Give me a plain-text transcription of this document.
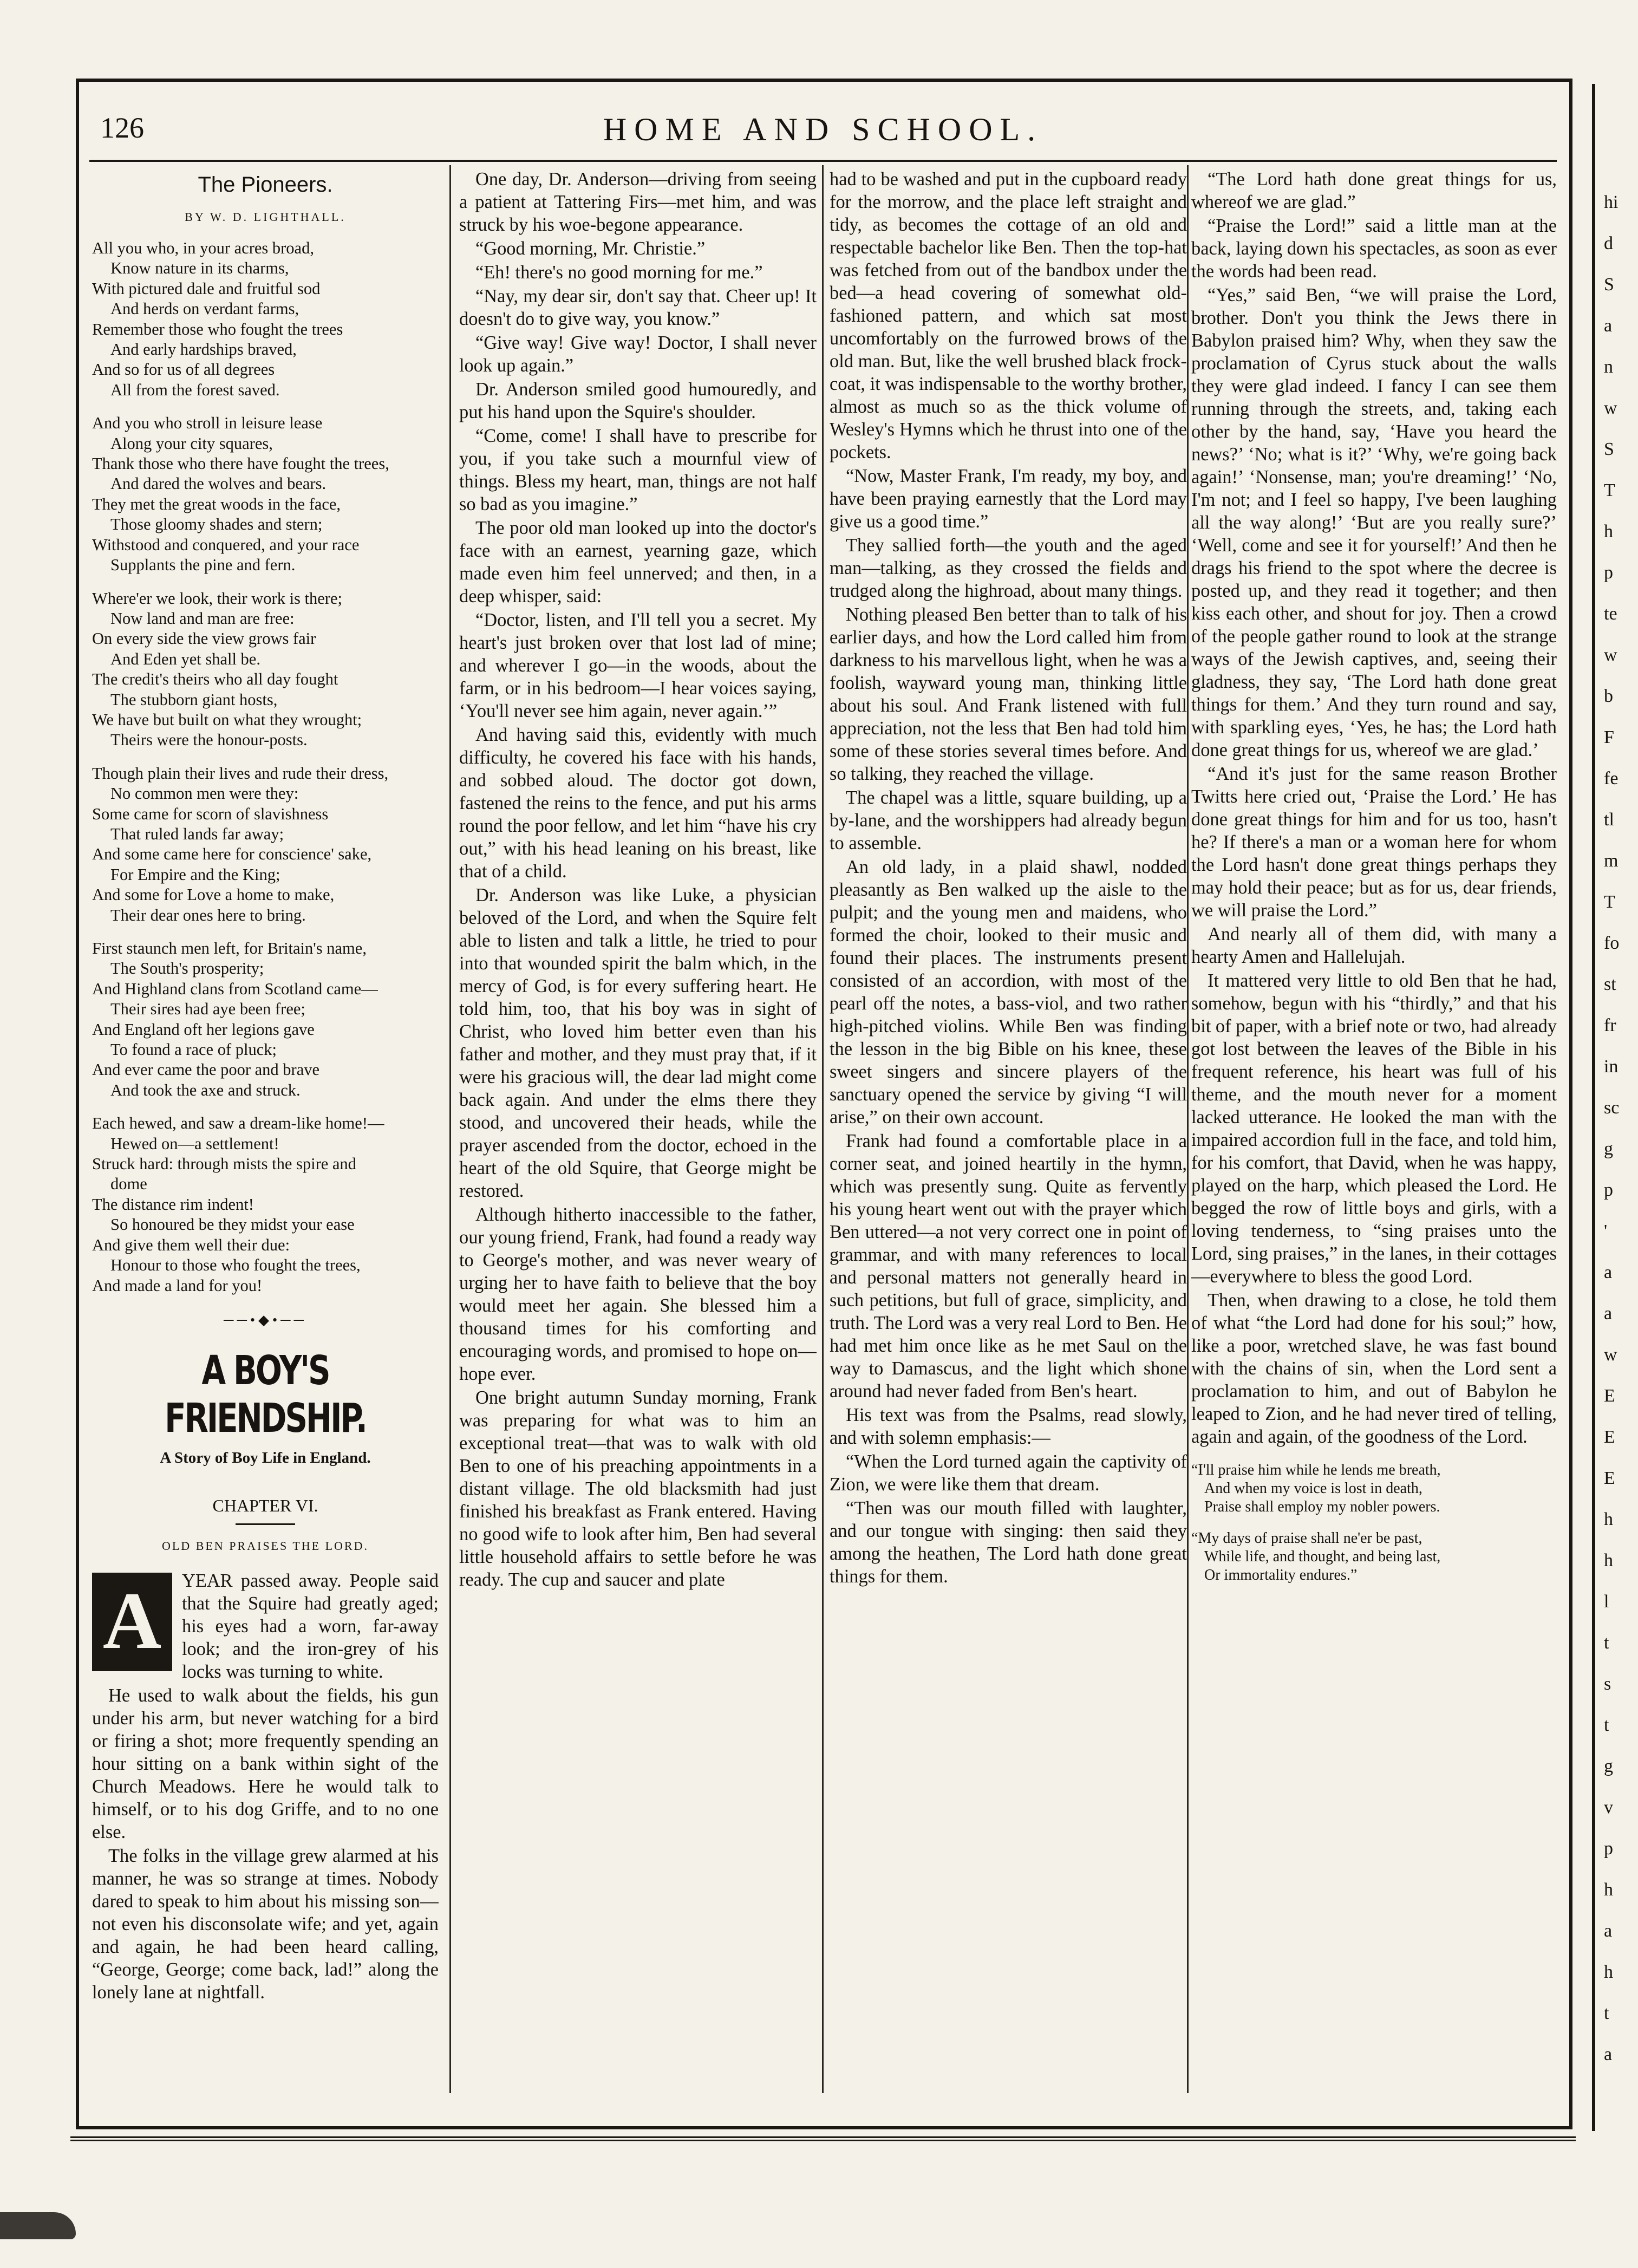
126	HOME AND SCHOOL.
The Pioneers.
BY W. D. LIGHTHALL.
All you who, in your acres broad,
Know nature in its charms,
With pictured dale and fruitful sod
And herds on verdant farms,
Remember those who fought the trees
And early hardships braved,
And so for us of all degrees
All from the forest saved.
And you who stroll in leisure lease
Along your city squares,
Thank those who there have fought the trees,
And dared the wolves and bears.
They met the great woods in the face,
Those gloomy shades and stern;
Withstood and conquered, and your race
Supplants the pine and fern.
Where'er we look, their work is there;
Now land and man are free:
On every side the view grows fair
And Eden yet shall be.
The credit's theirs who all day fought
The stubborn giant hosts,
We have but built on what they wrought;
Theirs were the honour-posts.
Though plain their lives and rude their dress,
No common men were they:
Some came for scorn of slavishness
That ruled lands far away;
And some came here for conscience' sake,
For Empire and the King;
And some for Love a home to make,
Their dear ones here to bring.
First staunch men left, for Britain's name,
The South's prosperity;
And Highland clans from Scotland came—
Their sires had aye been free;
And England oft her legions gave
To found a race of pluck;
And ever came the poor and brave
And took the axe and struck.
Each hewed, and saw a dream-like home!—
Hewed on—a settlement!
Struck hard: through mists the spire and
dome
The distance rim indent!
So honoured be they midst your ease
And give them well their due:
Honour to those who fought the trees,
And made a land for you!
──•◆•──
A BOY'S FRIENDSHIP.
A Story of Boy Life in England.
CHAPTER VI.
OLD BEN PRAISES THE LORD.
A	YEAR passed away. People said that the Squire had greatly aged; his eyes had a worn, far-away look; and the iron-grey of his locks was turning to white.

He used to walk about the fields, his gun under his arm, but never watching for a bird or firing a shot; more frequently spending an hour sitting on a bank within sight of the Church Meadows. Here he would talk to himself, or to his dog Griffe, and to no one else.

The folks in the village grew alarmed at his manner, he was so strange at times. Nobody dared to speak to him about his missing son—not even his disconsolate wife; and yet, again and again, he had been heard calling, “George, George; come back, lad!” along the lonely lane at nightfall.

One day, Dr. Anderson—driving from seeing a patient at Tattering Firs—met him, and was struck by his woe-begone appearance.

“Good morning, Mr. Christie.”

“Eh! there's no good morning for me.”

“Nay, my dear sir, don't say that. Cheer up! It doesn't do to give way, you know.”

“Give way! Give way! Doctor, I shall never look up again.”

Dr. Anderson smiled good humouredly, and put his hand upon the Squire's shoulder.

“Come, come! I shall have to prescribe for you, if you take such a mournful view of things. Bless my heart, man, things are not half so bad as you imagine.”

The poor old man looked up into the doctor's face with an earnest, yearning gaze, which made even him feel unnerved; and then, in a deep whisper, said:

“Doctor, listen, and I'll tell you a secret. My heart's just broken over that lost lad of mine; and wherever I go—in the woods, about the farm, or in his bedroom—I hear voices saying, ‘You'll never see him again, never again.’”

And having said this, evidently with much difficulty, he covered his face with his hands, and sobbed aloud. The doctor got down, fastened the reins to the fence, and put his arms round the poor fellow, and let him “have his cry out,” with his head leaning on his breast, like that of a child.

Dr. Anderson was like Luke, a physician beloved of the Lord, and when the Squire felt able to listen and talk a little, he tried to pour into that wounded spirit the balm which, in the mercy of God, is for every suffering heart. He told him, too, that his boy was in sight of Christ, who loved him better even than his father and mother, and they must pray that, if it were his gracious will, the dear lad might come back again. And under the elms there they stood, and uncovered their heads, while the prayer ascended from the doctor, echoed in the heart of the old Squire, that George might be restored.

Although hitherto inaccessible to the father, our young friend, Frank, had found a ready way to George's mother, and was never weary of urging her to have faith to believe that the boy would meet her again. She blessed him a thousand times for his comforting and encouraging words, and promised to hope on—hope ever.

One bright autumn Sunday morning, Frank was preparing for what was to him an exceptional treat—that was to walk with old Ben to one of his preaching appointments in a distant village. The old blacksmith had just finished his breakfast as Frank entered. Having no good wife to look after him, Ben had several little household affairs to settle before he was ready. The cup and saucer and plate

had to be washed and put in the cupboard ready for the morrow, and the place left straight and tidy, as becomes the cottage of an old and respectable bachelor like Ben. Then the top-hat was fetched from out of the bandbox under the bed—a head covering of somewhat old-fashioned pattern, and which sat most uncomfortably on the furrowed brows of the old man. But, like the well brushed black frock-coat, it was indispensable to the worthy brother, almost as much so as the thick volume of Wesley's Hymns which he thrust into one of the pockets.

“Now, Master Frank, I'm ready, my boy, and have been praying earnestly that the Lord may give us a good time.”

They sallied forth—the youth and the aged man—talking, as they crossed the fields and trudged along the highroad, about many things.

Nothing pleased Ben better than to talk of his earlier days, and how the Lord called him from darkness to his marvellous light, when he was a foolish, wayward young man, thinking little about his soul. And Frank listened with full appreciation, not the less that Ben had told him some of these stories several times before. And so talking, they reached the village.

The chapel was a little, square building, up a by-lane, and the worshippers had already begun to assemble.

An old lady, in a plaid shawl, nodded pleasantly as Ben walked up the aisle to the pulpit; and the young men and maidens, who formed the choir, looked to their music and found their places. The instruments present consisted of an accordion, with most of the pearl off the notes, a bass-viol, and two rather high-pitched violins. While Ben was finding the lesson in the big Bible on his knee, these sweet singers and sincere players of the sanctuary opened the service by giving “I will arise,” on their own account.

Frank had found a comfortable place in a corner seat, and joined heartily in the hymn, which was presently sung. Quite as fervently his young heart went out with the prayer which Ben uttered—a not very correct one in point of grammar, and with many references to local and personal matters not generally heard in such petitions, but full of grace, simplicity, and truth. The Lord was a very real Lord to Ben. He had met him once like as he met Saul on the way to Damascus, and the light which shone around had never faded from Ben's heart.

His text was from the Psalms, read slowly, and with solemn emphasis:—

“When the Lord turned again the captivity of Zion, we were like them that dream.

“Then was our mouth filled with laughter, and our tongue with singing: then said they among the heathen, The Lord hath done great things for them.

“The Lord hath done great things for us, whereof we are glad.”

“Praise the Lord!” said a little man at the back, laying down his spectacles, as soon as ever the words had been read.

“Yes,” said Ben, “we will praise the Lord, brother. Don't you think the Jews there in Babylon praised him? Why, when they saw the proclamation of Cyrus stuck about the walls they were glad indeed. I fancy I can see them running through the streets, and, taking each other by the hand, say, ‘Have you heard the news?’ ‘No; what is it?’ ‘Why, we're going back again!’ ‘Nonsense, man; you're dreaming!’ ‘No, I'm not; and I feel so happy, I've been laughing all the way along!’ ‘But are you really sure?’ ‘Well, come and see it for yourself!’ And then he drags his friend to the spot where the decree is posted up, and they read it together; and then kiss each other, and shout for joy. Then a crowd of the people gather round to look at the strange ways of the Jewish captives, and, seeing their gladness, they say, ‘The Lord hath done great things for them.’ And they turn round and say, with sparkling eyes, ‘Yes, he has; the Lord hath done great things for us, whereof we are glad.’

“And it's just for the same reason Brother Twitts here cried out, ‘Praise the Lord.’ He has done great things for him and for us too, hasn't he? If there's a man or a woman here for whom the Lord hasn't done great things perhaps they may hold their peace; but as for us, dear friends, we will praise the Lord.”

And nearly all of them did, with many a hearty Amen and Hallelujah.

It mattered very little to old Ben that he had, somehow, begun with his “thirdly,” and that his bit of paper, with a brief note or two, had already got lost between the leaves of the Bible in his frequent reference, his heart was full of his theme, and the mouth never for a moment lacked utterance. He looked the man with the impaired accordion full in the face, and told him, for his comfort, that David, when he was happy, played on the harp, which pleased the Lord. He begged the row of little boys and girls, with a loving tenderness, to “sing praises unto the Lord, sing praises,” in the lanes, in their cottages—everywhere to bless the good Lord.

Then, when drawing to a close, he told them of what “the Lord had done for his soul;” how, like a poor, wretched slave, he was fast bound with the chains of sin, when the Lord sent a proclamation to him, and out of Babylon he leaped to Zion, and he had never tired of telling, again and again, of the goodness of the Lord.

“I'll praise him while he lends me breath,
And when my voice is lost in death,
Praise shall employ my nobler powers.
“My days of praise shall ne'er be past,
While life, and thought, and being last,
Or immortality endures.”
hi
d
S
a
n
w
S
T
h
p
te
w
b
F
fe
tl
m
T
fo
st
fr
in
sc
g
p
'
a
a
w
E
E
E
h
h
l
t
s
t
g
v
p
h
a
h
t
a
